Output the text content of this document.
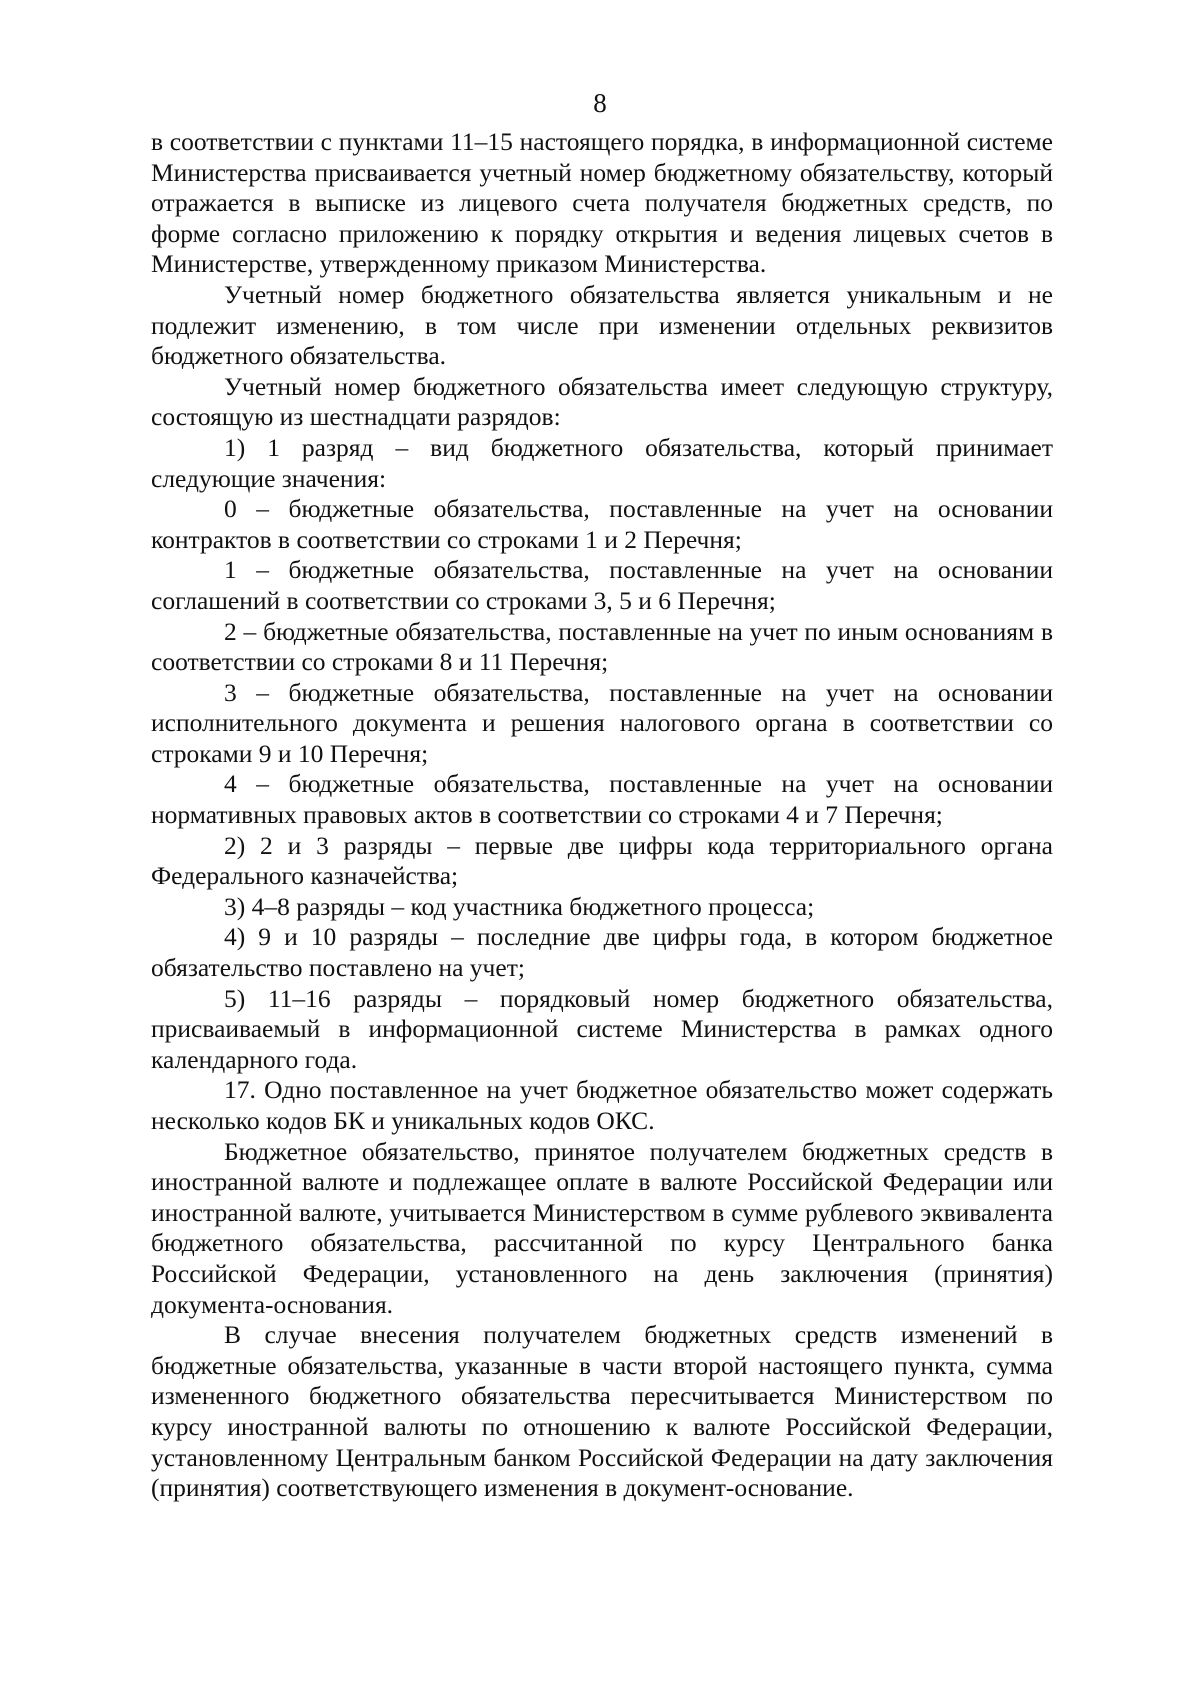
8

в соответствии с пунктами 11–15 настоящего порядка, в информационной системе Министерства присваивается учетный номер бюджетному обязательству, который отражается в выписке из лицевого счета получателя бюджетных средств, по форме согласно приложению к порядку открытия и ведения лицевых счетов в Министерстве, утвержденному приказом Министерства.

Учетный номер бюджетного обязательства является уникальным и не подлежит изменению, в том числе при изменении отдельных реквизитов бюджетного обязательства.

Учетный номер бюджетного обязательства имеет следующую структуру, состоящую из шестнадцати разрядов:

1) 1 разряд – вид бюджетного обязательства, который принимает следующие значения:

0 – бюджетные обязательства, поставленные на учет на основании контрактов в соответствии со строками 1 и 2 Перечня;

1 – бюджетные обязательства, поставленные на учет на основании соглашений в соответствии со строками 3, 5 и 6 Перечня;

2 – бюджетные обязательства, поставленные на учет по иным основаниям в соответствии со строками 8 и 11 Перечня;

3 – бюджетные обязательства, поставленные на учет на основании исполнительного документа и решения налогового органа в соответствии со строками 9 и 10 Перечня;

4 – бюджетные обязательства, поставленные на учет на основании нормативных правовых актов в соответствии со строками 4 и 7 Перечня;

2) 2 и 3 разряды – первые две цифры кода территориального органа Федерального казначейства;

3) 4–8 разряды – код участника бюджетного процесса;

4) 9 и 10 разряды – последние две цифры года, в котором бюджетное обязательство поставлено на учет;

5) 11–16 разряды – порядковый номер бюджетного обязательства, присваиваемый в информационной системе Министерства в рамках одного календарного года.

17. Одно поставленное на учет бюджетное обязательство может содержать несколько кодов БК и уникальных кодов ОКС.

Бюджетное обязательство, принятое получателем бюджетных средств в иностранной валюте и подлежащее оплате в валюте Российской Федерации или иностранной валюте, учитывается Министерством в сумме рублевого эквивалента бюджетного обязательства, рассчитанной по курсу Центрального банка Российской Федерации, установленного на день заключения (принятия) документа-основания.

В случае внесения получателем бюджетных средств изменений в бюджетные обязательства, указанные в части второй настоящего пункта, сумма измененного бюджетного обязательства пересчитывается Министерством по курсу иностранной валюты по отношению к валюте Российской Федерации, установленному Центральным банком Российской Федерации на дату заключения (принятия) соответствующего изменения в документ-основание.
